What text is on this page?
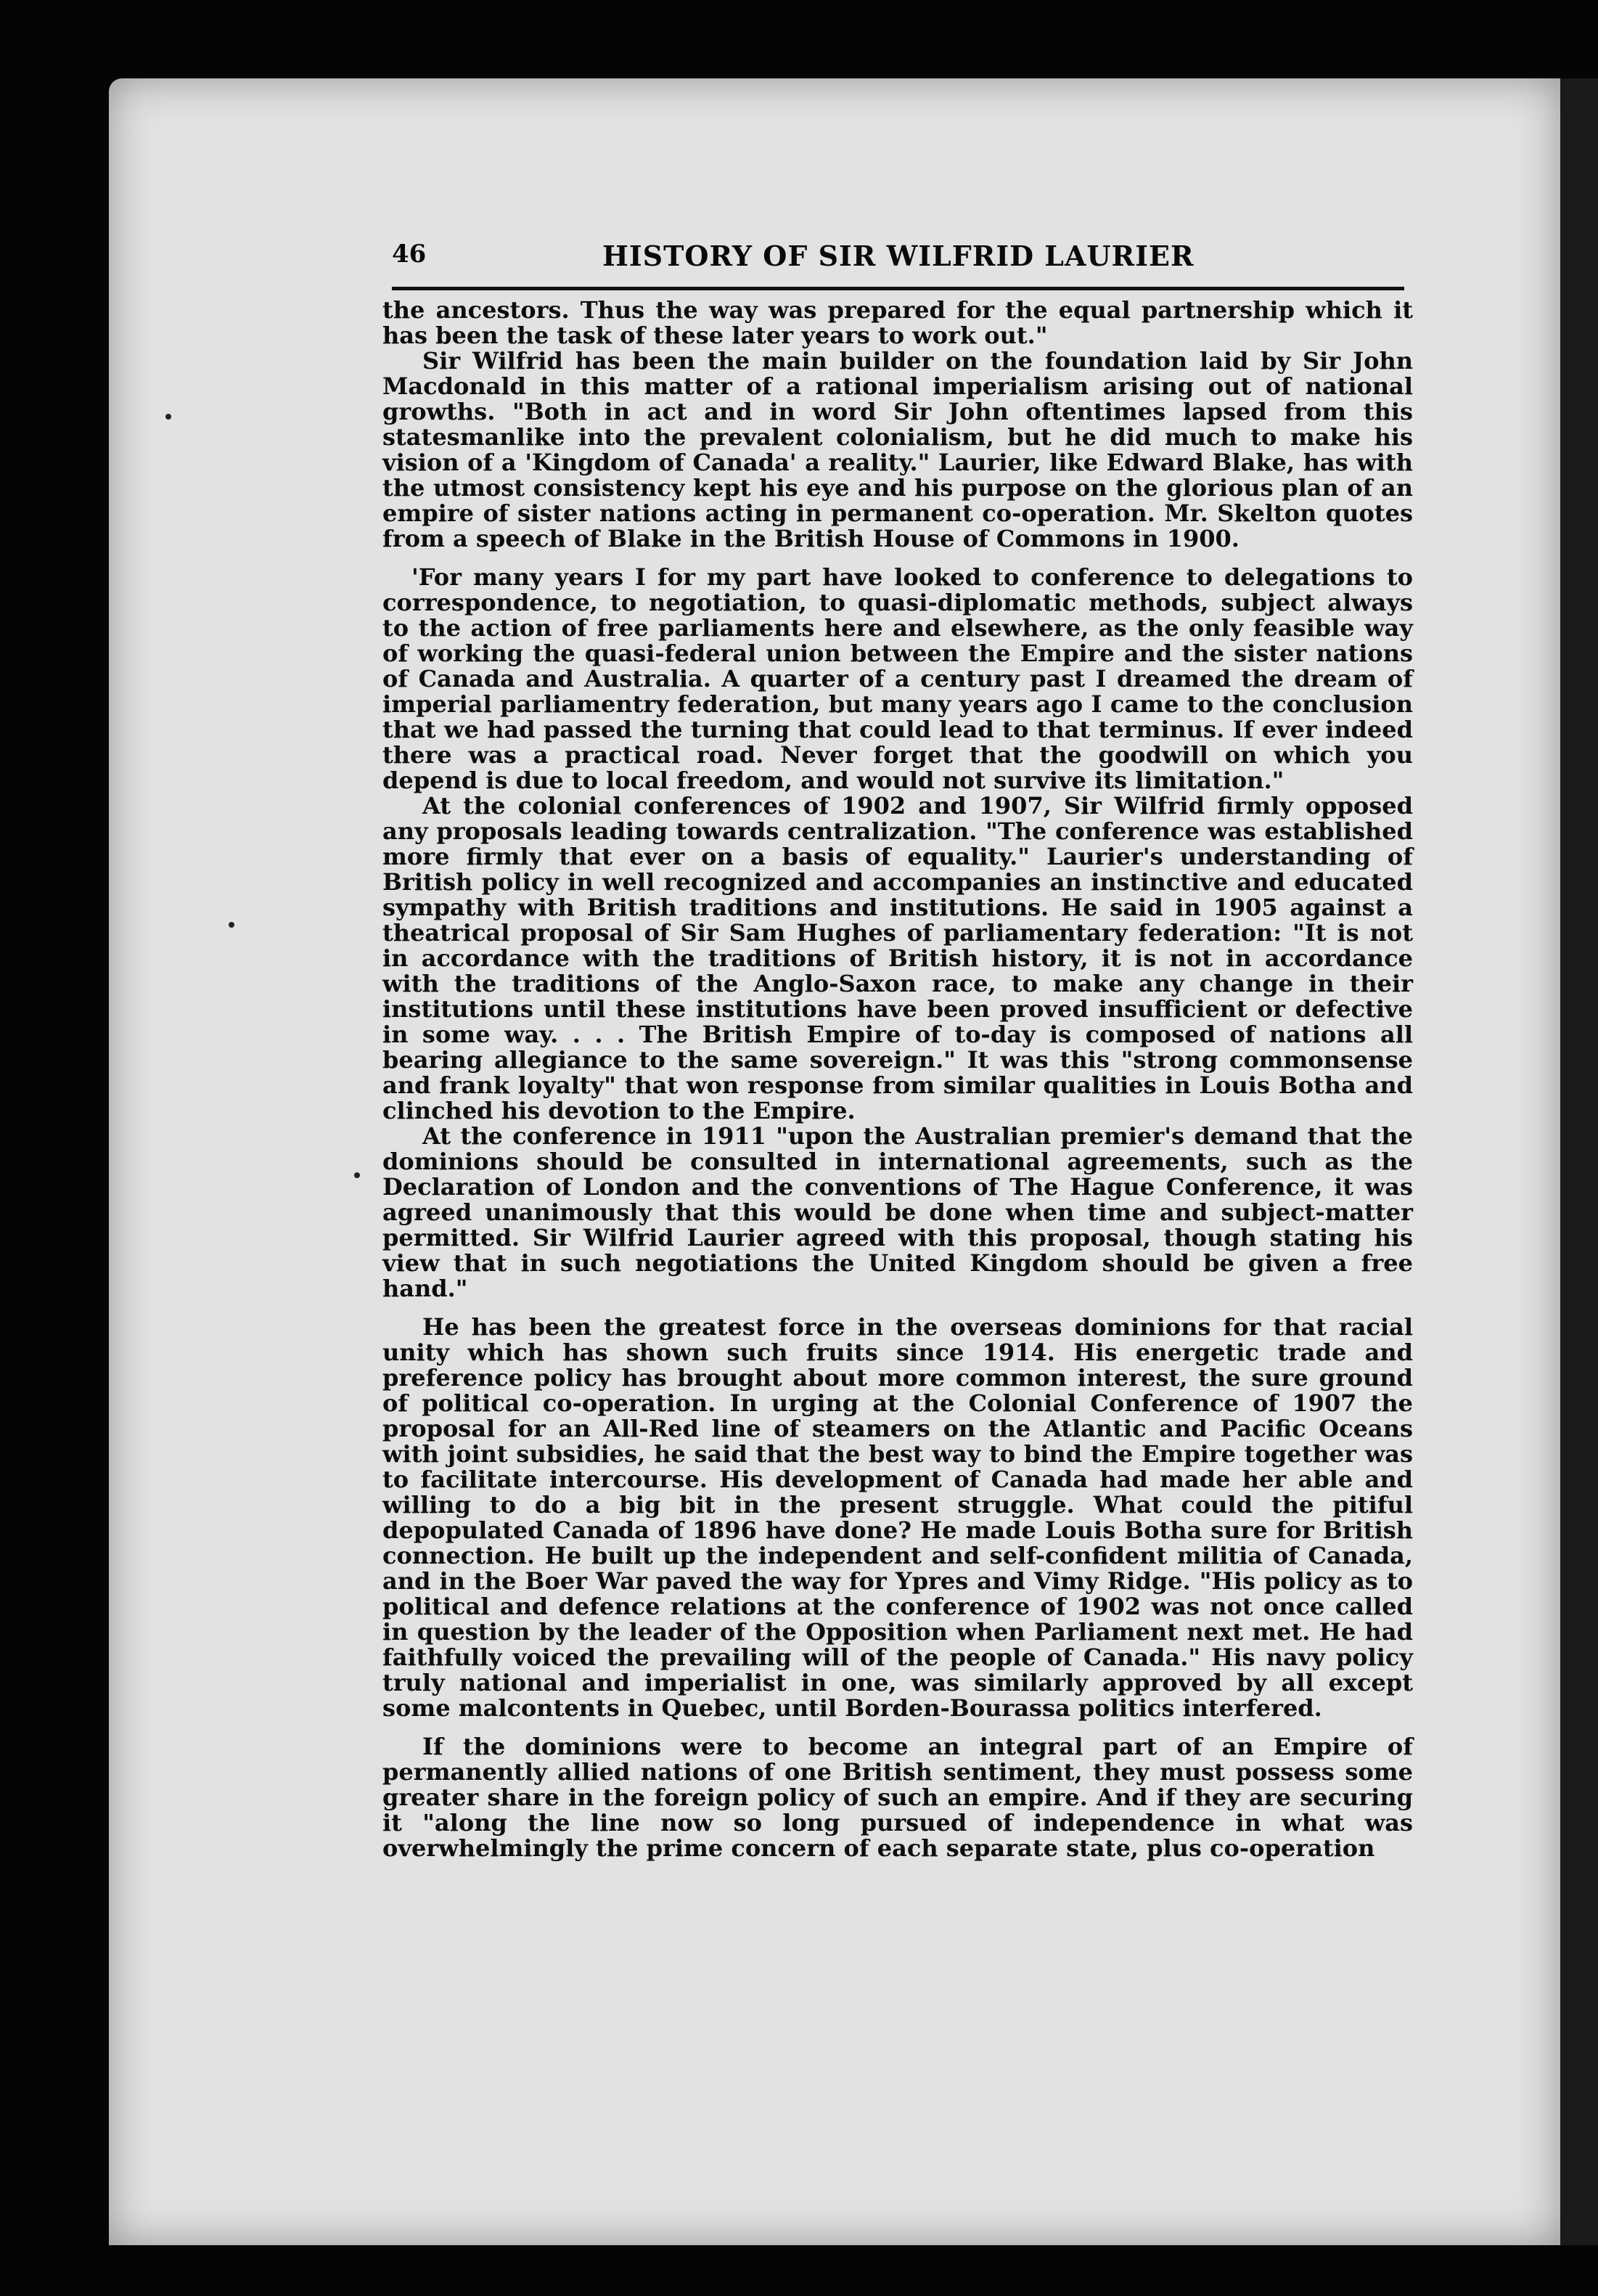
46	HISTORY OF SIR WILFRID LAURIER

the ancestors. Thus the way was prepared for the equal partnership which it has been the task of these later years to work out."

Sir Wilfrid has been the main builder on the foundation laid by Sir John Macdonald in this matter of a rational imperialism arising out of national growths. "Both in act and in word Sir John oftentimes lapsed from this statesmanlike into the prevalent colonialism, but he did much to make his vision of a 'Kingdom of Canada' a reality." Laurier, like Edward Blake, has with the utmost consistency kept his eye and his purpose on the glorious plan of an empire of sister nations acting in permanent co-operation. Mr. Skelton quotes from a speech of Blake in the British House of Commons in 1900.

'For many years I for my part have looked to conference to delegations to correspondence, to negotiation, to quasi-diplomatic methods, subject always to the action of free parliaments here and elsewhere, as the only feasible way of working the quasi-federal union between the Empire and the sister nations of Canada and Australia. A quarter of a century past I dreamed the dream of imperial parliamentry federation, but many years ago I came to the conclusion that we had passed the turning that could lead to that terminus. If ever indeed there was a practical road. Never forget that the goodwill on which you depend is due to local freedom, and would not survive its limitation."

At the colonial conferences of 1902 and 1907, Sir Wilfrid firmly opposed any proposals leading towards centralization. "The conference was established more firmly that ever on a basis of equality." Laurier's understanding of British policy in well recognized and accompanies an instinctive and educated sympathy with British traditions and institutions. He said in 1905 against a theatrical proposal of Sir Sam Hughes of parliamentary federation: "It is not in accordance with the traditions of British history, it is not in accordance with the traditions of the Anglo-Saxon race, to make any change in their institutions until these institutions have been proved insufficient or defective in some way. . . . The British Empire of to-day is composed of nations all bearing allegiance to the same sovereign." It was this "strong commonsense and frank loyalty" that won response from similar qualities in Louis Botha and clinched his devotion to the Empire.

At the conference in 1911 "upon the Australian premier's demand that the dominions should be consulted in international agreements, such as the Declaration of London and the conventions of The Hague Conference, it was agreed unanimously that this would be done when time and subject-matter permitted. Sir Wilfrid Laurier agreed with this proposal, though stating his view that in such negotiations the United Kingdom should be given a free hand."

He has been the greatest force in the overseas dominions for that racial unity which has shown such fruits since 1914. His energetic trade and preference policy has brought about more common interest, the sure ground of political co-operation. In urging at the Colonial Conference of 1907 the proposal for an All-Red line of steamers on the Atlantic and Pacific Oceans with joint subsidies, he said that the best way to bind the Empire together was to facilitate intercourse. His development of Canada had made her able and willing to do a big bit in the present struggle. What could the pitiful depopulated Canada of 1896 have done? He made Louis Botha sure for British connection. He built up the independent and self-confident militia of Canada, and in the Boer War paved the way for Ypres and Vimy Ridge. "His policy as to political and defence relations at the conference of 1902 was not once called in question by the leader of the Opposition when Parliament next met. He had faithfully voiced the prevailing will of the people of Canada." His navy policy truly national and imperialist in one, was similarly approved by all except some malcontents in Quebec, until Borden-Bourassa politics interfered.

If the dominions were to become an integral part of an Empire of permanently allied nations of one British sentiment, they must possess some greater share in the foreign policy of such an empire. And if they are securing it "along the line now so long pursued of independence in what was overwhelmingly the prime concern of each separate state, plus co-operation
